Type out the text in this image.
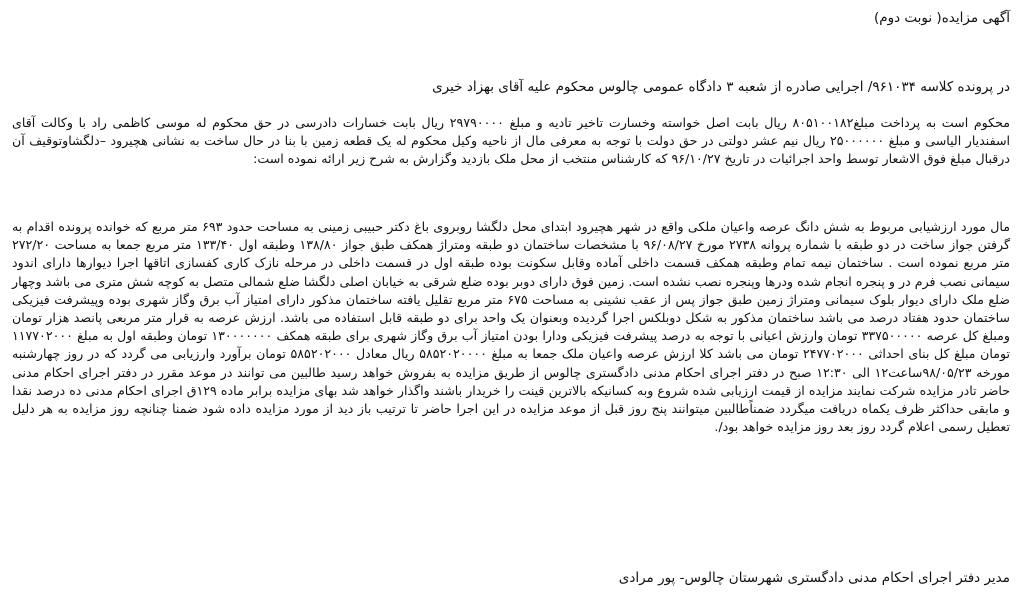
آگهی مزایده( نوبت دوم)
در پرونده کلاسه ۹۶۱۰۳۴/ اجرایی صادره از شعبه ۳ دادگاه عمومی چالوس محکوم علیه آقای بهزاد خیری

محکوم است به پرداخت مبلغ۸۰۵۱۰۰۱۸۲ ریال بابت اصل خواسته وخسارت تاخیر تادیه و مبلغ ۲۹۷۹۰۰۰۰ ریال بابت خسارات دادرسی در حق محکوم له موسی کاظمی راد با وکالت آقای اسفندیار الیاسی و مبلغ ۲۵۰۰۰۰۰۰ ریال نیم عشر دولتی در حق دولت با توجه به معرفی مال از ناحیه وکیل محکوم له یک قطعه زمین با بنا در حال ساخت به نشانی هچیرود –دلگشاوتوقیف آن درقبال مبلغ فوق الاشعار توسط واحد اجرائیات در تاریخ ۹۶/۱۰/۲۷ که کارشناس منتخب از محل ملک بازدید وگزارش به شرح زیر ارائه نموده است:

مال مورد ارزشیابی مربوط به شش دانگ عرصه واعیان ملکی واقع در شهر هچیرود ابتدای محل دلگشا روبروی باغ دکتر حبیبی زمینی به مساحت حدود ۶۹۳ متر مربع که خوانده پرونده اقدام به گرفتن جواز ساخت در دو طبقه با شماره پروانه ۲۷۳۸ مورخ ۹۶/۰۸/۲۷ با مشخصات ساختمان دو طبقه ومتراژ همکف طبق جواز ۱۳۸/۸۰ وطبقه اول ۱۳۳/۴۰ متر مربع جمعا به مساحت ۲۷۲/۲۰ متر مربع نموده است . ساختمان نیمه تمام وطبقه همکف قسمت داخلی آماده وقابل سکونت بوده طبقه اول در قسمت داخلی در مرحله نازک کاری کفسازی اتاقها اجرا دیوارها دارای اندود سیمانی نصب فرم در و پنجره انجام شده ودرها وپنجره نصب نشده است. زمین فوق دارای دوبر بوده ضلع شرقی به خیابان اصلی دلگشا ضلع شمالی متصل به کوچه شش متری می باشد وچهار ضلع ملک دارای دیوار بلوک سیمانی ومتراژ زمین طبق جواز پس از عقب نشینی به مساحت ۶۷۵ متر مربع تقلیل یافته ساختمان مذکور دارای امتیاز آب برق وگاز شهری بوده وپیشرفت فیزیکی ساختمان حدود هفتاد درصد می باشد ساختمان مذکور به شکل دوبلکس اجرا گردیده وبعنوان یک واحد برای دو طبقه قابل استفاده می باشد. ارزش عرصه به قرار متر مربعی پانصد هزار تومان ومبلغ کل عرصه ۳۳۷۵۰۰۰۰۰ تومان وارزش اعیانی با توجه به درصد پیشرفت فیزیکی ودارا بودن امتیاز آب برق وگاز شهری برای طبقه همکف ۱۳۰۰۰۰۰۰۰ تومان وطبقه اول به مبلغ ۱۱۷۷۰۲۰۰۰ تومان مبلغ کل بنای احداثی ۲۴۷۷۰۲۰۰۰ تومان می باشد کلا ارزش عرصه واعیان ملک جمعا به مبلغ ۵۸۵۲۰۲۰۰۰۰ ریال معادل ۵۸۵۲۰۲۰۰۰ تومان برآورد وارزیابی می گردد که در روز چهارشنبه مورخه ۹۸/۰۵/۲۳ساعت۱۲ الی ۱۲:۳۰ صبح در دفتر اجرای احکام مدنی دادگستری چالوس از طریق مزایده به بفروش خواهد رسید طالبین می توانند در موعد مقرر در دفتر اجرای احکام مدنی حاضر تادر مزایده شرکت نمایند مزایده از قیمت ارزیابی شده شروع وبه کسانیکه بالاترین قینت را خریدار باشند واگذار خواهد شد بهای مزایده برابر ماده ۱۲۹ق اجرای احکام مدنی ده درصد نقدا و مابقی حداکثر ظرف یکماه دریافت میگردد ضمناًطالبین میتوانند پنج روز قبل از موعد مزایده در این اجرا حاضر تا ترتیب باز دید از مورد مزایده داده شود ضمنا چنانچه روز مزایده به هر دلیل تعطیل رسمی اعلام گردد روز بعد روز مزایده خواهد بود/.

مدیر دفتر اجرای احکام مدنی دادگستری شهرستان چالوس- پور مرادی
